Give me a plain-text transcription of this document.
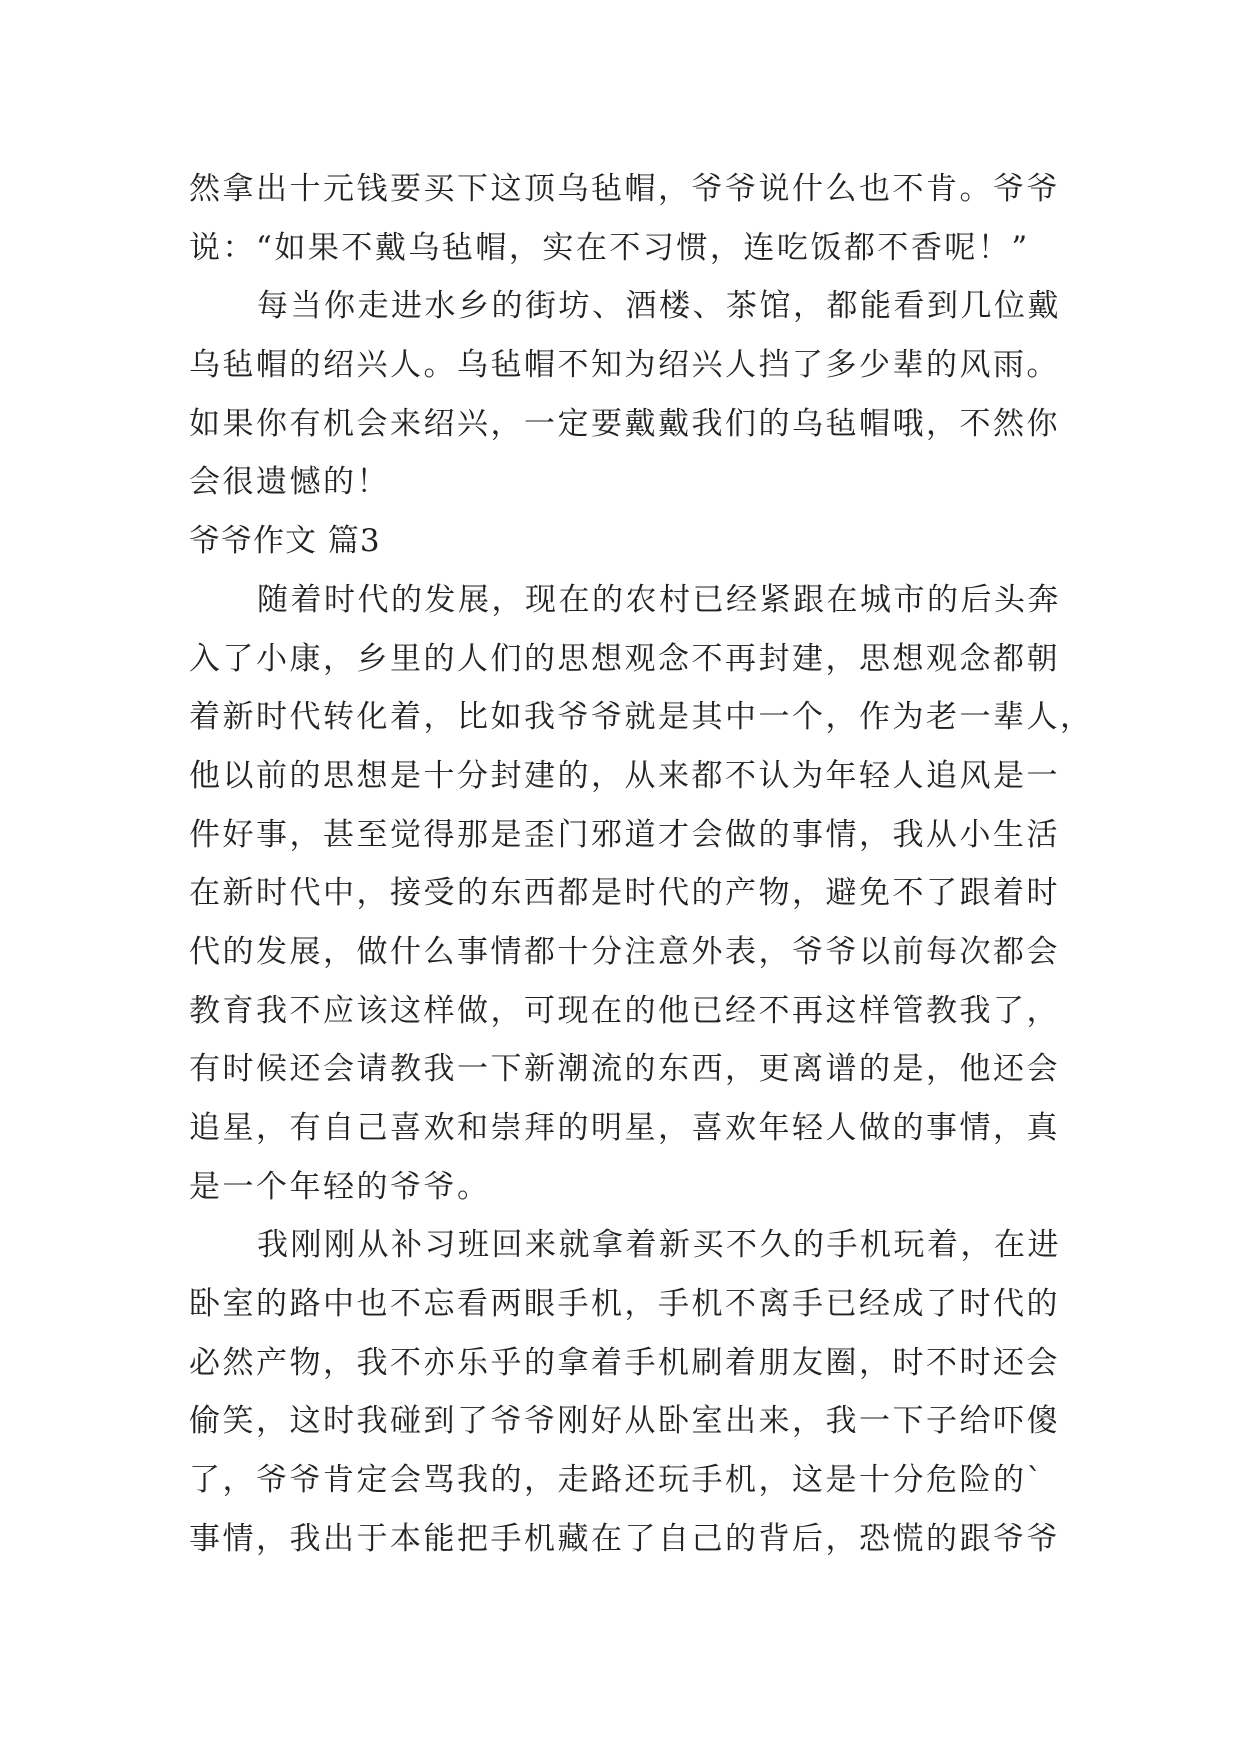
然拿出十元钱要买下这顶乌毡帽，爷爷说什么也不肯。爷爷
说：“如果不戴乌毡帽，实在不习惯，连吃饭都不香呢！”
每当你走进水乡的街坊、酒楼、茶馆，都能看到几位戴
乌毡帽的绍兴人。乌毡帽不知为绍兴人挡了多少辈的风雨。
如果你有机会来绍兴，一定要戴戴我们的乌毡帽哦，不然你
会很遗憾的！
爷爷作文 篇3
随着时代的发展，现在的农村已经紧跟在城市的后头奔
入了小康，乡里的人们的思想观念不再封建，思想观念都朝
着新时代转化着，比如我爷爷就是其中一个，作为老一辈人，
他以前的思想是十分封建的，从来都不认为年轻人追风是一
件好事，甚至觉得那是歪门邪道才会做的事情，我从小生活
在新时代中，接受的东西都是时代的产物，避免不了跟着时
代的发展，做什么事情都十分注意外表，爷爷以前每次都会
教育我不应该这样做，可现在的他已经不再这样管教我了，
有时候还会请教我一下新潮流的东西，更离谱的是，他还会
追星，有自己喜欢和崇拜的明星，喜欢年轻人做的事情，真
是一个年轻的爷爷。
我刚刚从补习班回来就拿着新买不久的手机玩着，在进
卧室的路中也不忘看两眼手机，手机不离手已经成了时代的
必然产物，我不亦乐乎的拿着手机刷着朋友圈，时不时还会
偷笑，这时我碰到了爷爷刚好从卧室出来，我一下子给吓傻
了，爷爷肯定会骂我的，走路还玩手机，这是十分危险的`
事情，我出于本能把手机藏在了自己的背后，恐慌的跟爷爷
